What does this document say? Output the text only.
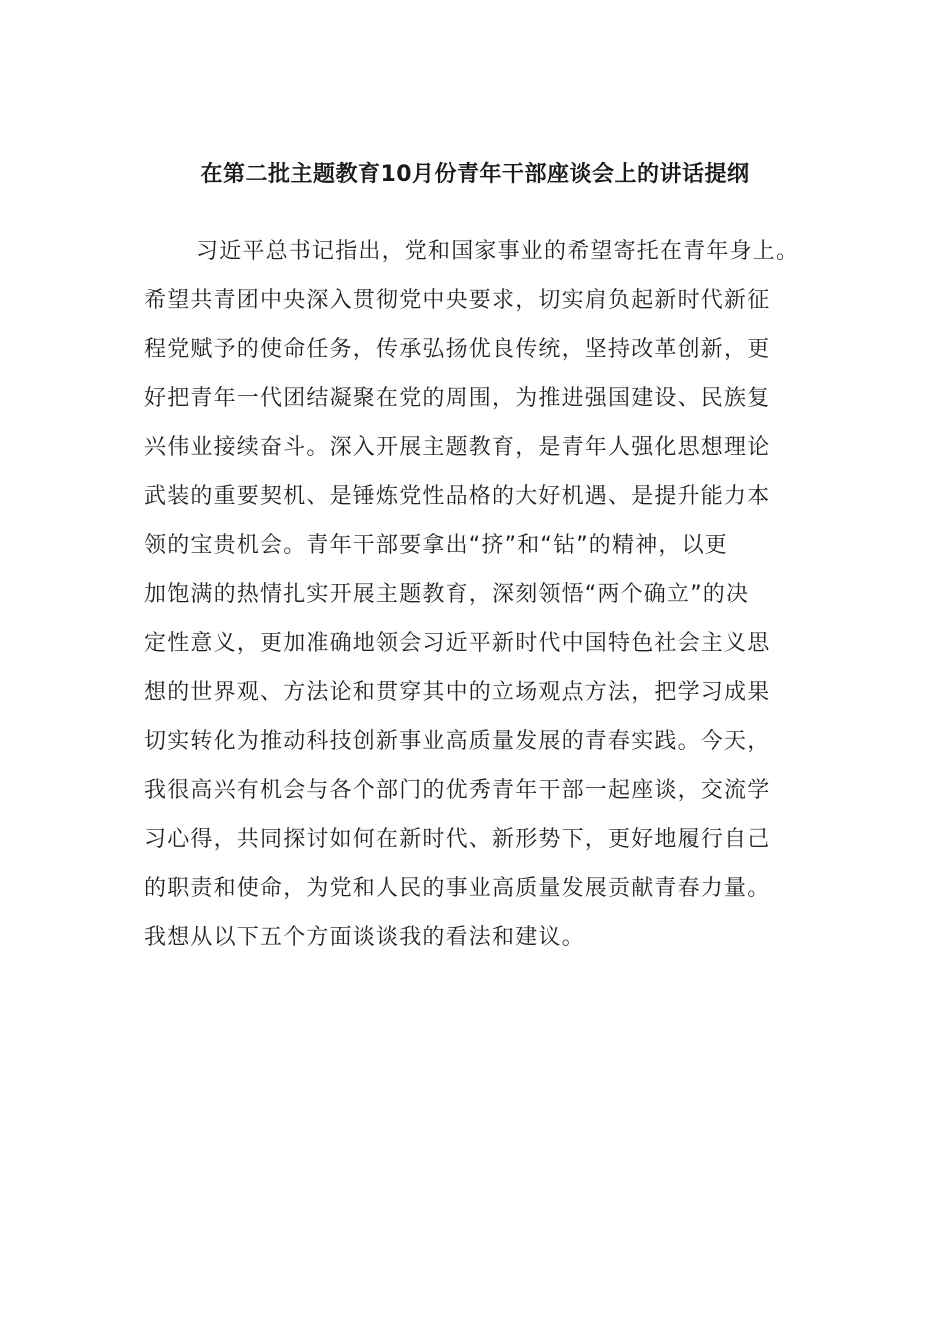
在第二批主题教育10月份青年干部座谈会上的讲话提纲
习近平总书记指出，党和国家事业的希望寄托在青年身上。
希望共青团中央深入贯彻党中央要求，切实肩负起新时代新征
程党赋予的使命任务，传承弘扬优良传统，坚持改革创新，更
好把青年一代团结凝聚在党的周围，为推进强国建设、民族复
兴伟业接续奋斗。深入开展主题教育，是青年人强化思想理论
武装的重要契机、是锤炼党性品格的大好机遇、是提升能力本
领的宝贵机会。青年干部要拿出“挤”和“钻”的精神，以更
加饱满的热情扎实开展主题教育，深刻领悟“两个确立”的决
定性意义，更加准确地领会习近平新时代中国特色社会主义思
想的世界观、方法论和贯穿其中的立场观点方法，把学习成果
切实转化为推动科技创新事业高质量发展的青春实践。今天，
我很高兴有机会与各个部门的优秀青年干部一起座谈，交流学
习心得，共同探讨如何在新时代、新形势下，更好地履行自己
的职责和使命，为党和人民的事业高质量发展贡献青春力量。
我想从以下五个方面谈谈我的看法和建议。
